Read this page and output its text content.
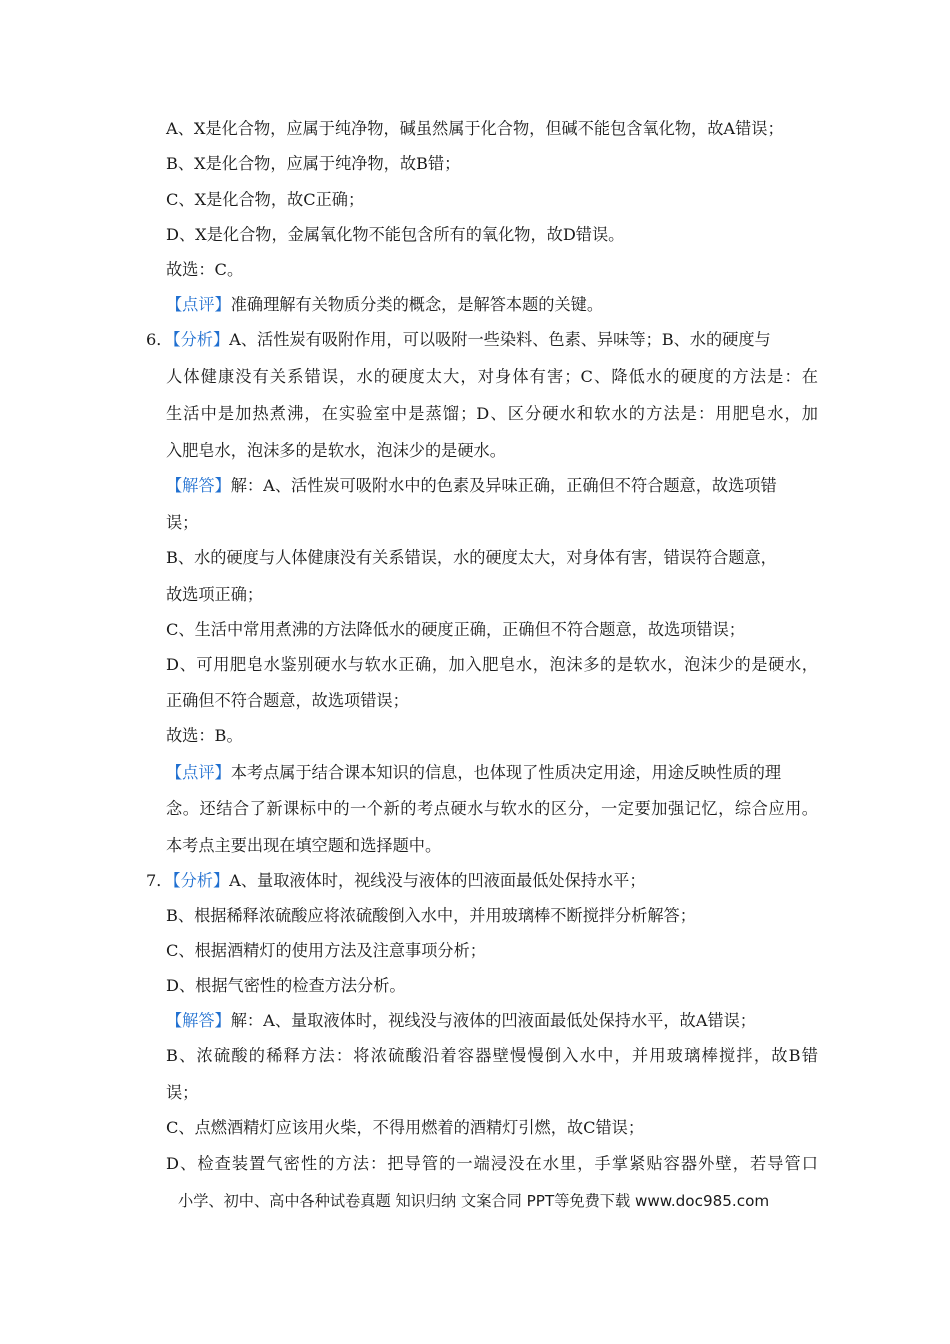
A、X是化合物，应属于纯净物，碱虽然属于化合物，但碱不能包含氧化物，故A错误；
B、X是化合物，应属于纯净物，故B错；
C、X是化合物，故C正确；
D、X是化合物，金属氧化物不能包含所有的氧化物，故D错误。
故选：C。
【点评】准确理解有关物质分类的概念，是解答本题的关键。
6．【分析】A、活性炭有吸附作用，可以吸附一些染料、色素、异味等；B、水的硬度与
人体健康没有关系错误，水的硬度太大，对身体有害；C、降低水的硬度的方法是：在
生活中是加热煮沸，在实验室中是蒸馏；D、区分硬水和软水的方法是：用肥皂水，加
入肥皂水，泡沫多的是软水，泡沫少的是硬水。
【解答】解：A、活性炭可吸附水中的色素及异味正确，正确但不符合题意，故选项错
误；
B、水的硬度与人体健康没有关系错误，水的硬度太大，对身体有害，错误符合题意，
故选项正确；
C、生活中常用煮沸的方法降低水的硬度正确，正确但不符合题意，故选项错误；
D、可用肥皂水鉴别硬水与软水正确，加入肥皂水，泡沫多的是软水，泡沫少的是硬水，
正确但不符合题意，故选项错误；
故选：B。
【点评】本考点属于结合课本知识的信息，也体现了性质决定用途，用途反映性质的理
念。还结合了新课标中的一个新的考点硬水与软水的区分，一定要加强记忆，综合应用。
本考点主要出现在填空题和选择题中。
7．【分析】A、量取液体时，视线没与液体的凹液面最低处保持水平；
B、根据稀释浓硫酸应将浓硫酸倒入水中，并用玻璃棒不断搅拌分析解答；
C、根据酒精灯的使用方法及注意事项分析；
D、根据气密性的检查方法分析。
【解答】解：A、量取液体时，视线没与液体的凹液面最低处保持水平，故A错误；
B、浓硫酸的稀释方法：将浓硫酸沿着容器壁慢慢倒入水中，并用玻璃棒搅拌，故B错
误；
C、点燃酒精灯应该用火柴，不得用燃着的酒精灯引燃，故C错误；
D、检查装置气密性的方法：把导管的一端浸没在水里，手掌紧贴容器外壁，若导管口
小学、初中、高中各种试卷真题 知识归纳 文案合同 PPT等免费下载 www.doc985.com
